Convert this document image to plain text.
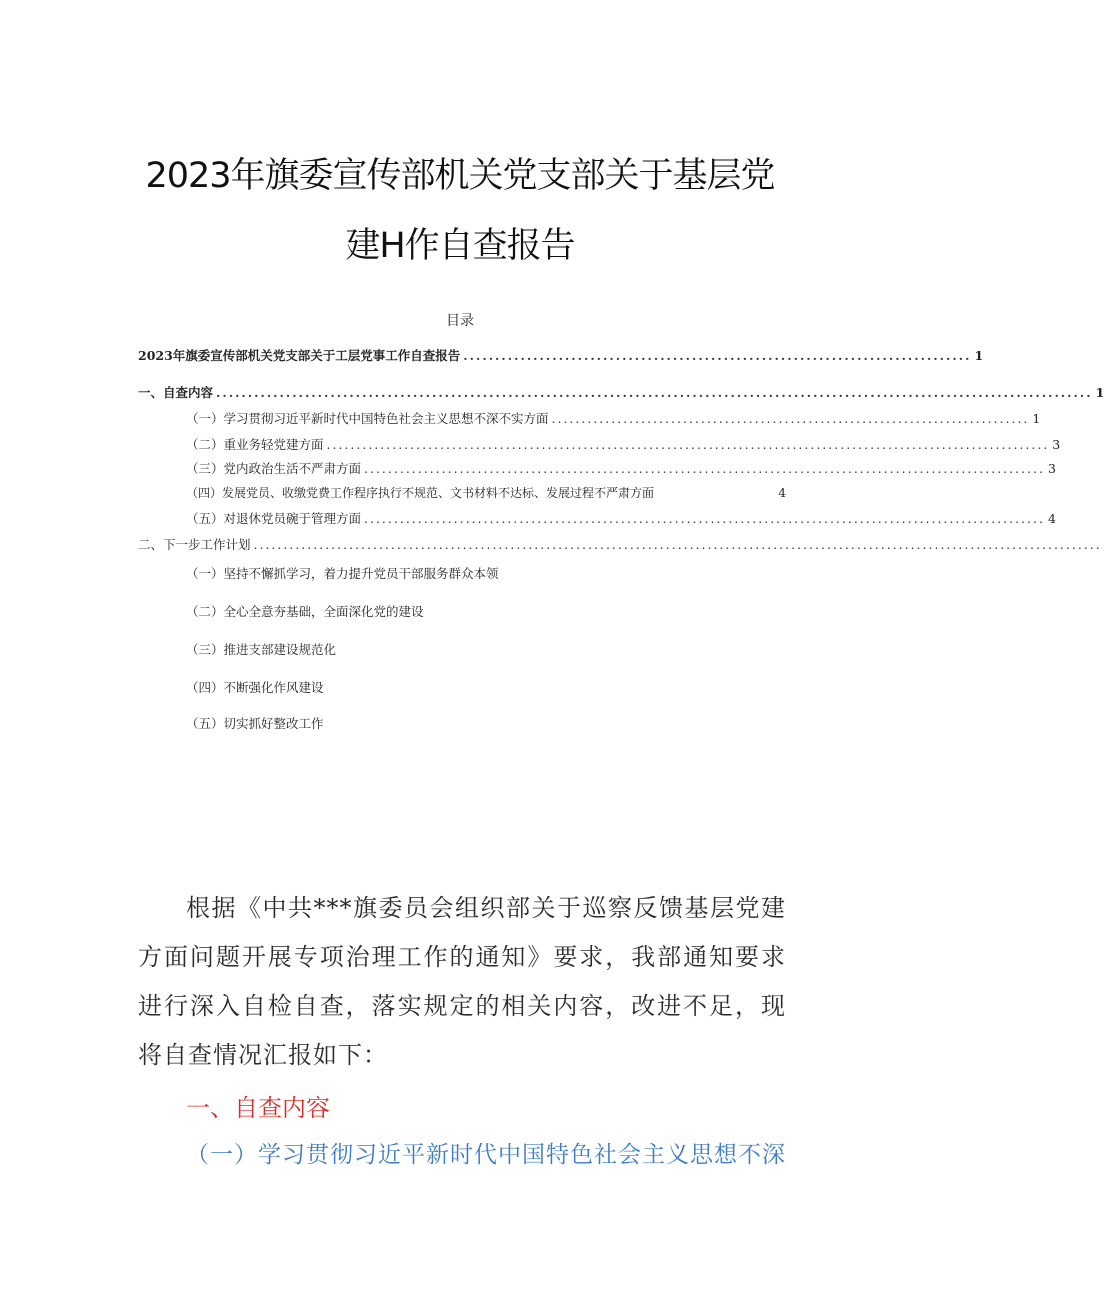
2023年旗委宣传部机关党支部关于基层党
建H作自查报告
目录
2023年旗委宣传部机关党支部关于工层党事工作自查报告 ................................................................................ 1
一、自查内容 .......................................................................................................................................... 1
（一）学习贯彻习近平新时代中国特色社会主义思想不深不实方面 ................................................................................ 1
（二）重业务轻党建方面 ......................................................................................................................... 3
（三）党内政治生活不严肃方面 .................................................................................................................. 3
（四）发展党员、收缴党费工作程序执行不规范、文书材料不达标、发展过程不严肃方面	4
（五）对退休党员碗于管理方面 .................................................................................................................. 4
二、下一步工作计划 ..............................................................................................................................................
（一）坚持不懈抓学习，着力提升党员干部服务群众本领
（二）全心全意夯基础，全面深化党的建设
（三）推进支部建设规范化
（四）不断强化作风建设
（五）切实抓好整改工作
根据《中共***旗委员会组织部关于巡察反馈基层党建方面问题开展专项治理工作的通知》要求，我部通知要求进行深入自检自查，落实规定的相关内容，改进不足，现将自查情况汇报如下：
一、自查内容
（一）学习贯彻习近平新时代中国特色社会主义思想不深
